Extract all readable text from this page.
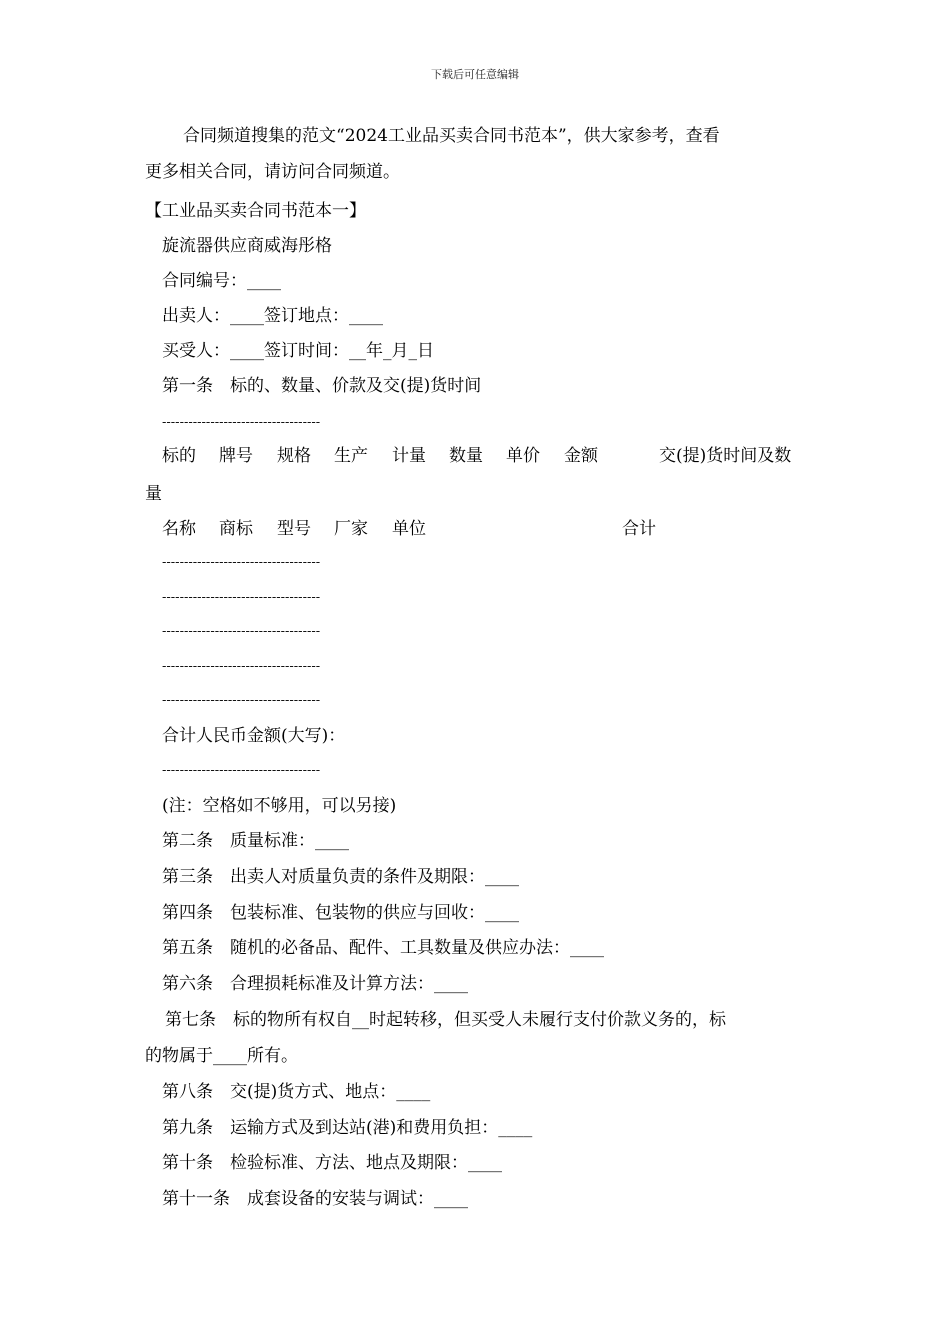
下载后可任意编辑
合同频道搜集的范文“2024工业品买卖合同书范本”，供大家参考，查看
更多相关合同，请访问合同频道。
【工业品买卖合同书范本一】
旋流器供应商威海彤格
合同编号：____
出卖人：____签订地点：____
买受人：____签订时间：__年_月_日
第一条　标的、数量、价款及交(提)货时间
------------------------------------
标的 牌号 规格 生产 计量 数量 单价 金额	交(提)货时间及数
量
名称 商标 型号 厂家 单位	合计
------------------------------------
------------------------------------
------------------------------------
------------------------------------
------------------------------------
合计人民币金额(大写)：
------------------------------------
(注：空格如不够用，可以另接)
第二条　质量标准：____
第三条　出卖人对质量负责的条件及期限：____
第四条　包装标准、包装物的供应与回收：____
第五条　随机的必备品、配件、工具数量及供应办法：____
第六条　合理损耗标准及计算方法：____
第七条　标的物所有权自__时起转移，但买受人未履行支付价款义务的，标
的物属于____所有。
第八条　交(提)货方式、地点：____
第九条　运输方式及到达站(港)和费用负担：____
第十条　检验标准、方法、地点及期限：____
第十一条　成套设备的安装与调试：____
